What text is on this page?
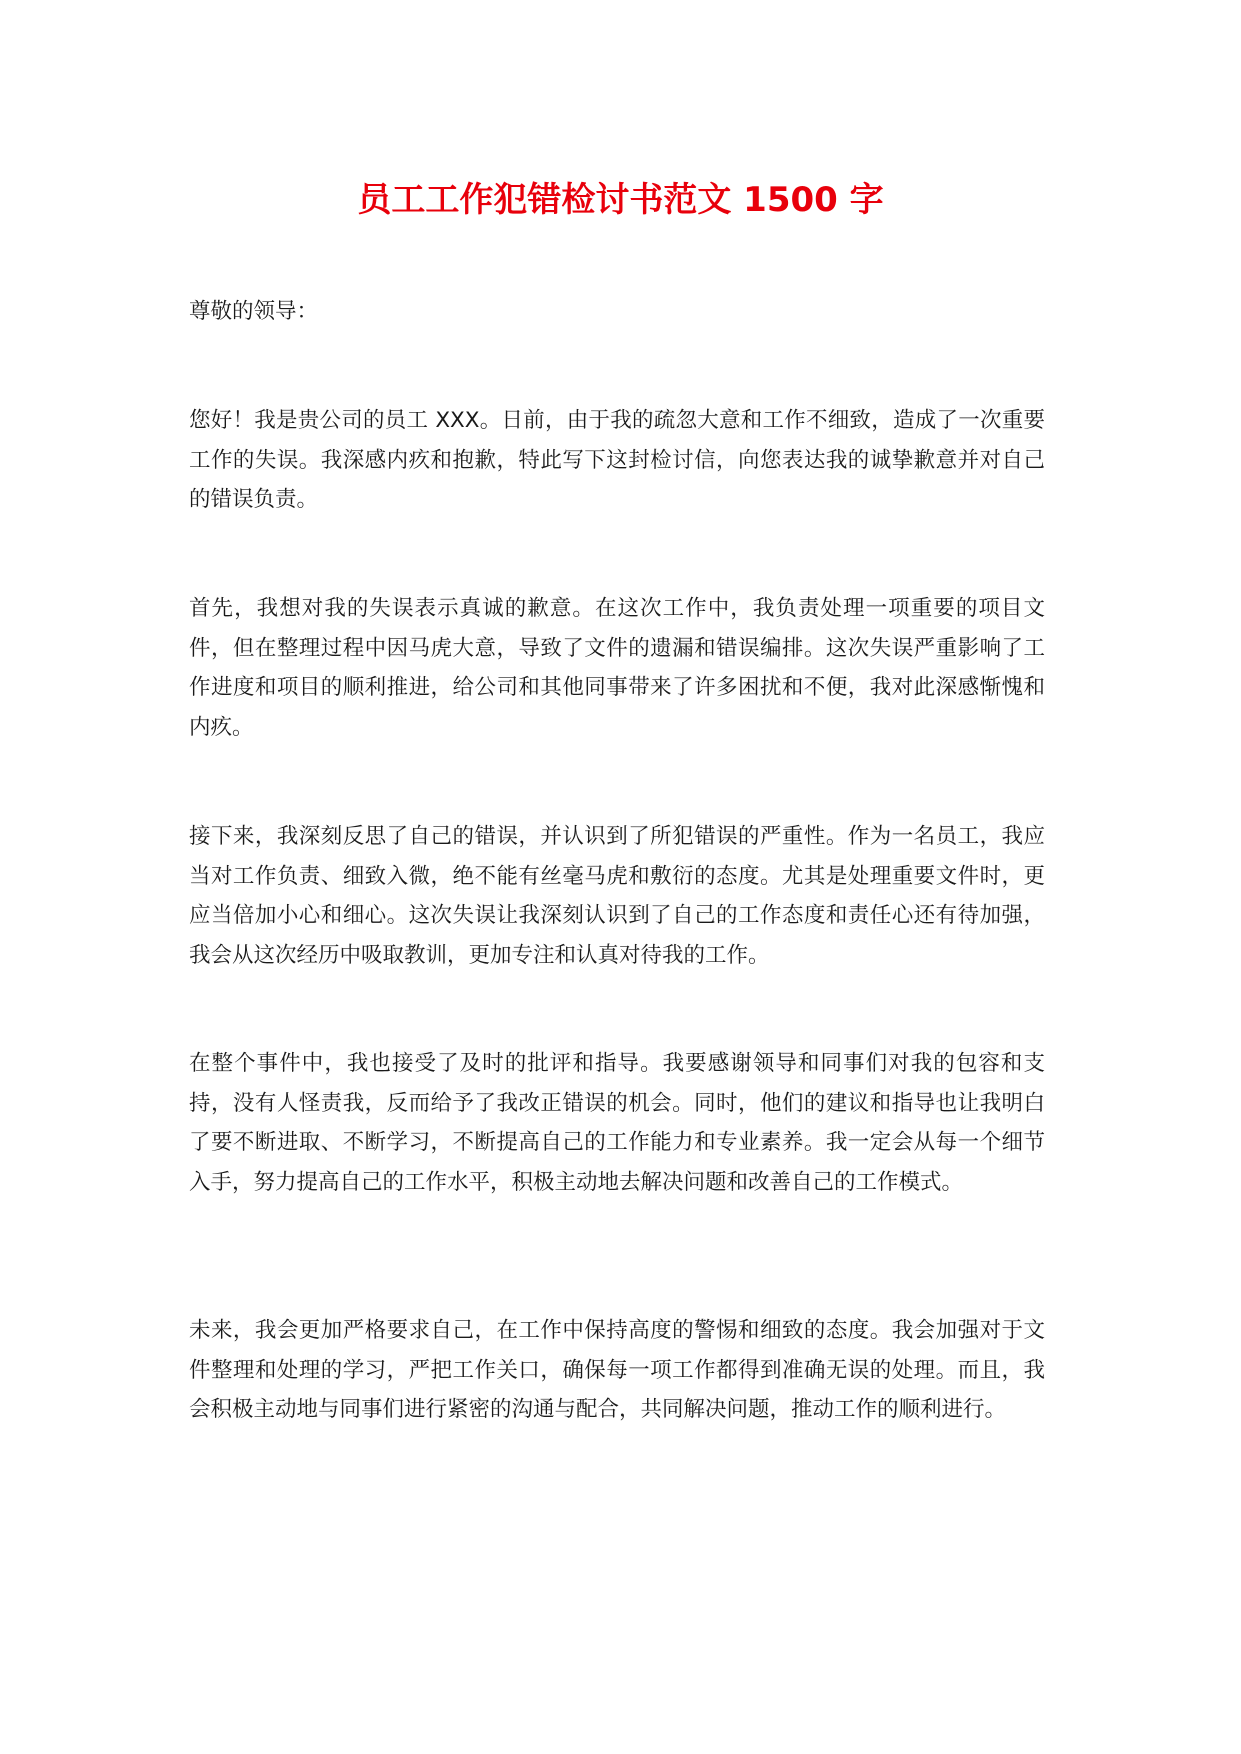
员工工作犯错检讨书范文 1500 字

尊敬的领导：

您好！我是贵公司的员工 XXX。日前，由于我的疏忽大意和工作不细致，造成了一次重要工作的失误。我深感内疚和抱歉，特此写下这封检讨信，向您表达我的诚挚歉意并对自己的错误负责。

首先，我想对我的失误表示真诚的歉意。在这次工作中，我负责处理一项重要的项目文件，但在整理过程中因马虎大意，导致了文件的遗漏和错误编排。这次失误严重影响了工作进度和项目的顺利推进，给公司和其他同事带来了许多困扰和不便，我对此深感惭愧和内疚。

接下来，我深刻反思了自己的错误，并认识到了所犯错误的严重性。作为一名员工，我应当对工作负责、细致入微，绝不能有丝毫马虎和敷衍的态度。尤其是处理重要文件时，更应当倍加小心和细心。这次失误让我深刻认识到了自己的工作态度和责任心还有待加强，我会从这次经历中吸取教训，更加专注和认真对待我的工作。

在整个事件中，我也接受了及时的批评和指导。我要感谢领导和同事们对我的包容和支持，没有人怪责我，反而给予了我改正错误的机会。同时，他们的建议和指导也让我明白了要不断进取、不断学习，不断提高自己的工作能力和专业素养。我一定会从每一个细节入手，努力提高自己的工作水平，积极主动地去解决问题和改善自己的工作模式。

未来，我会更加严格要求自己，在工作中保持高度的警惕和细致的态度。我会加强对于文件整理和处理的学习，严把工作关口，确保每一项工作都得到准确无误的处理。而且，我会积极主动地与同事们进行紧密的沟通与配合，共同解决问题，推动工作的顺利进行。
